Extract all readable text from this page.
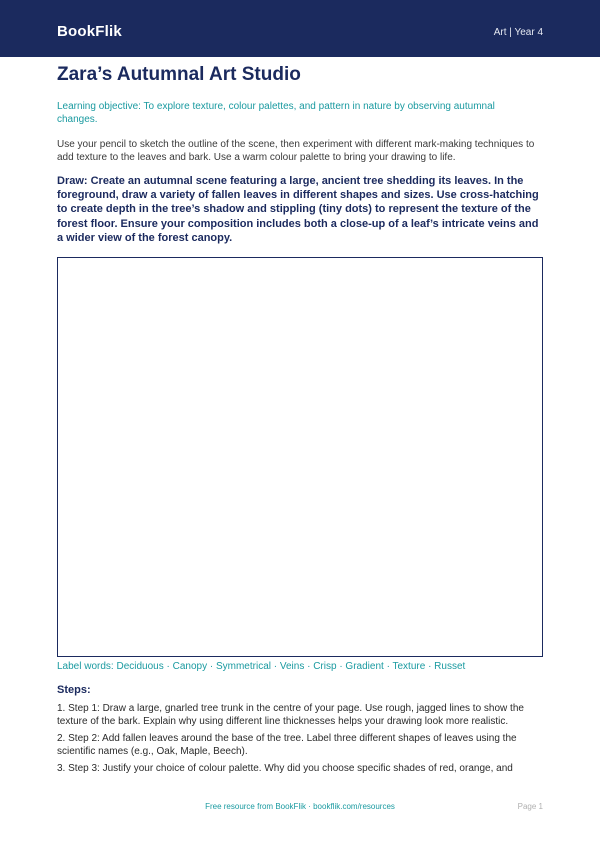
BookFlik	Art | Year 4
Zara’s Autumnal Art Studio
Learning objective: To explore texture, colour palettes, and pattern in nature by observing autumnal changes.
Use your pencil to sketch the outline of the scene, then experiment with different mark-making techniques to add texture to the leaves and bark. Use a warm colour palette to bring your drawing to life.
Draw: Create an autumnal scene featuring a large, ancient tree shedding its leaves. In the foreground, draw a variety of fallen leaves in different shapes and sizes. Use cross-hatching to create depth in the tree’s shadow and stippling (tiny dots) to represent the texture of the forest floor. Ensure your composition includes both a close-up of a leaf’s intricate veins and a wider view of the forest canopy.
Label words: Deciduous · Canopy · Symmetrical · Veins · Crisp · Gradient · Texture · Russet
Steps:
1. Step 1: Draw a large, gnarled tree trunk in the centre of your page. Use rough, jagged lines to show the texture of the bark. Explain why using different line thicknesses helps your drawing look more realistic.
2. Step 2: Add fallen leaves around the base of the tree. Label three different shapes of leaves using the scientific names (e.g., Oak, Maple, Beech).
3. Step 3: Justify your choice of colour palette. Why did you choose specific shades of red, orange, and
Free resource from BookFlik · bookflik.com/resources	Page 1
